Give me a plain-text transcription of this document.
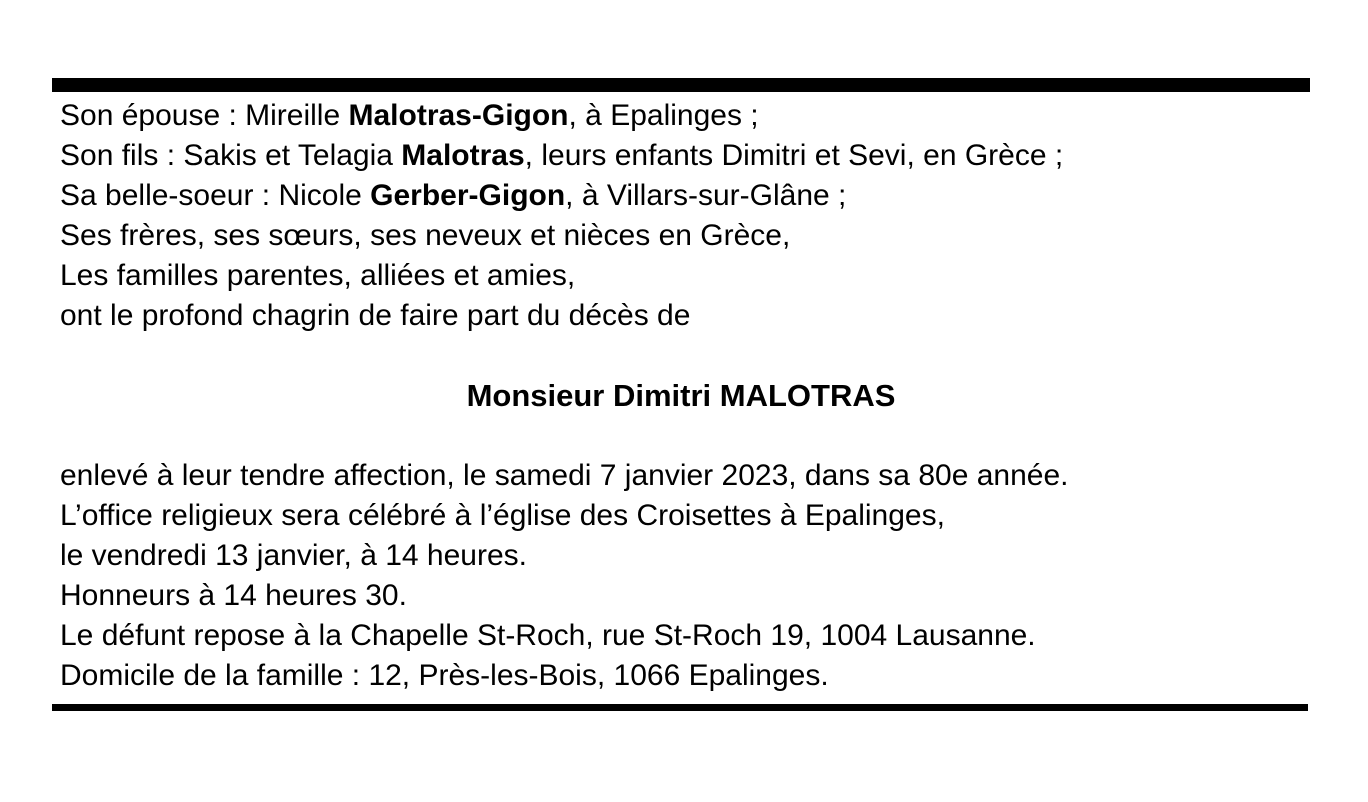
Son épouse : Mireille Malotras-Gigon, à Epalinges ;

Son fils : Sakis et Telagia Malotras, leurs enfants Dimitri et Sevi, en Grèce ;

Sa belle-soeur : Nicole Gerber-Gigon, à Villars-sur-Glâne ;

Ses frères, ses sœurs, ses neveux et nièces en Grèce,

Les familles parentes, alliées et amies,

ont le profond chagrin de faire part du décès de

Monsieur Dimitri MALOTRAS

enlevé à leur tendre affection, le samedi 7 janvier 2023, dans sa 80e année.

L’office religieux sera célébré à l’église des Croisettes à Epalinges,

le vendredi 13 janvier, à 14 heures.

Honneurs à 14 heures 30.

Le défunt repose à la Chapelle St-Roch, rue St-Roch 19, 1004 Lausanne.

Domicile de la famille : 12, Près-les-Bois, 1066 Epalinges.
